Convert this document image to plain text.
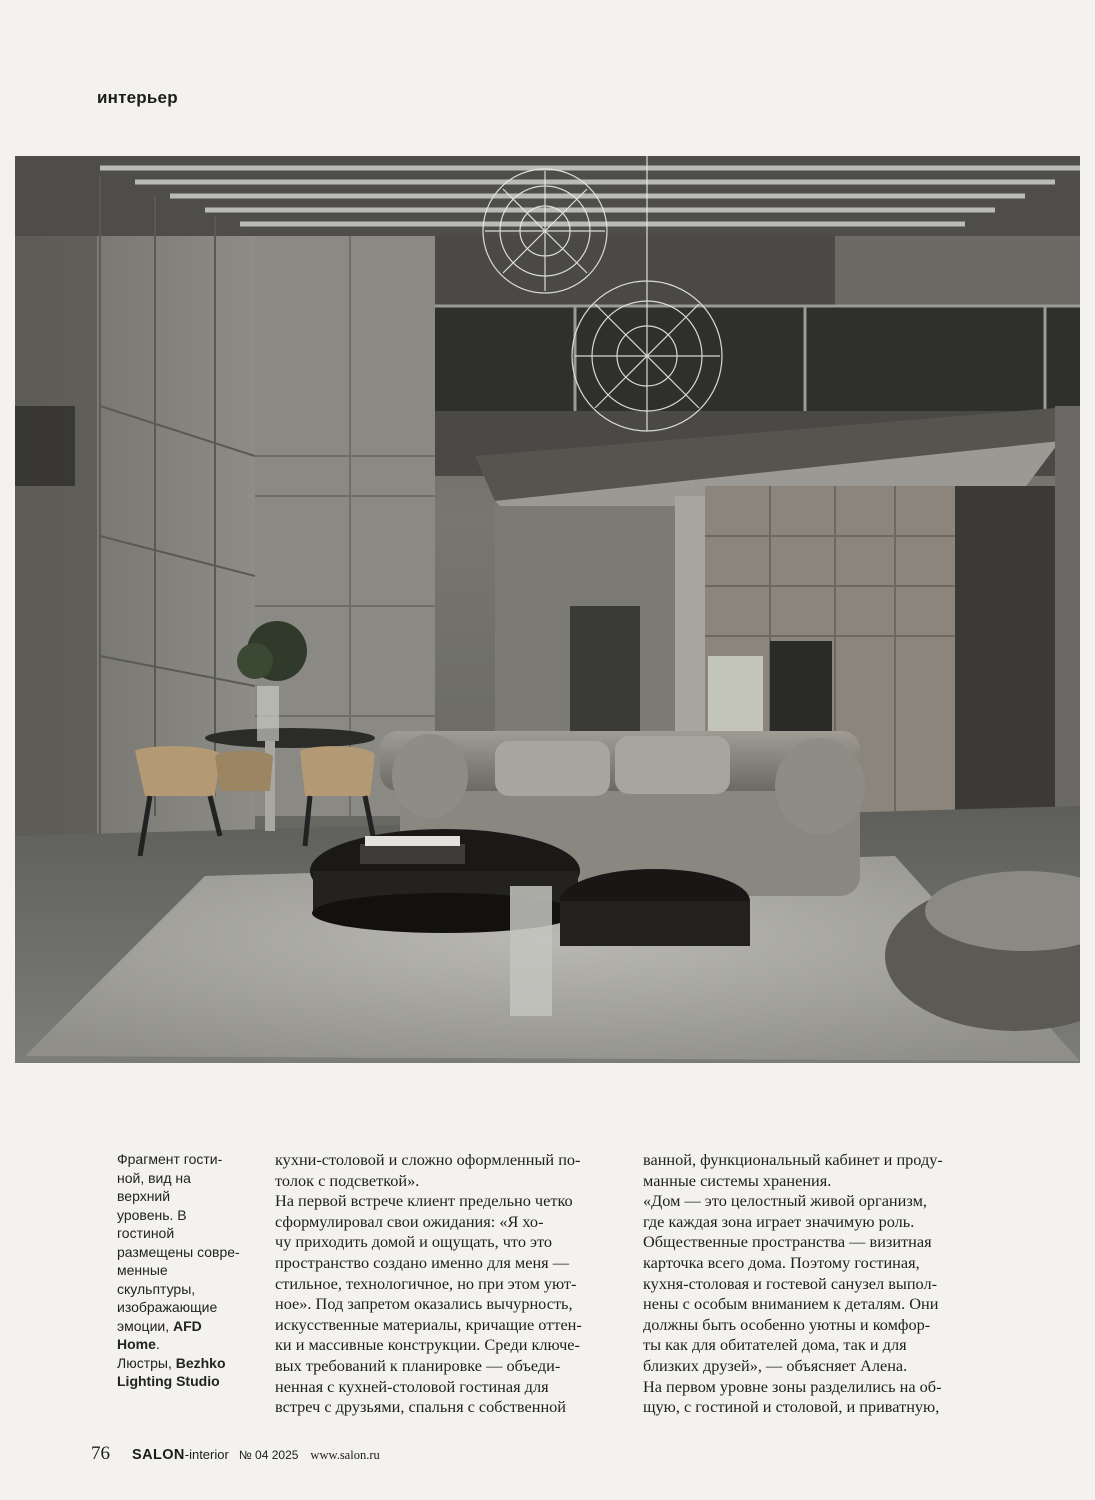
интерьер
Фрагмент гости-
ной, вид на верхний
уровень. В гостиной
размещены совре-
менные скульптуры,
изображающие
эмоции, AFD Home.
Люстры, Bezhko
Lighting Studio

кухни-столовой и сложно оформленный по-

толок с подсветкой».

На первой встрече клиент предельно четко

сформулировал свои ожидания: «Я хо-

чу приходить домой и ощущать, что это

пространство создано именно для меня —

стильное, технологичное, но при этом уют-

ное». Под запретом оказались вычурность,

искусственные материалы, кричащие оттен-

ки и массивные конструкции. Среди ключе-

вых требований к планировке — объеди-

ненная с кухней-столовой гостиная для

встреч с друзьями, спальня с собственной

ванной, функциональный кабинет и проду-

манные системы хранения.

«Дом — это целостный живой организм,

где каждая зона играет значимую роль.

Общественные пространства — визитная

карточка всего дома. Поэтому гостиная,

кухня-столовая и гостевой санузел выпол-

нены с особым вниманием к деталям. Они

должны быть особенно уютны и комфор-

ты как для обитателей дома, так и для

близких друзей», — объясняет Алена.

На первом уровне зоны разделились на об-

щую, с гостиной и столовой, и приватную,

76 SALON -interior № 04 2025 www.salon.ru
